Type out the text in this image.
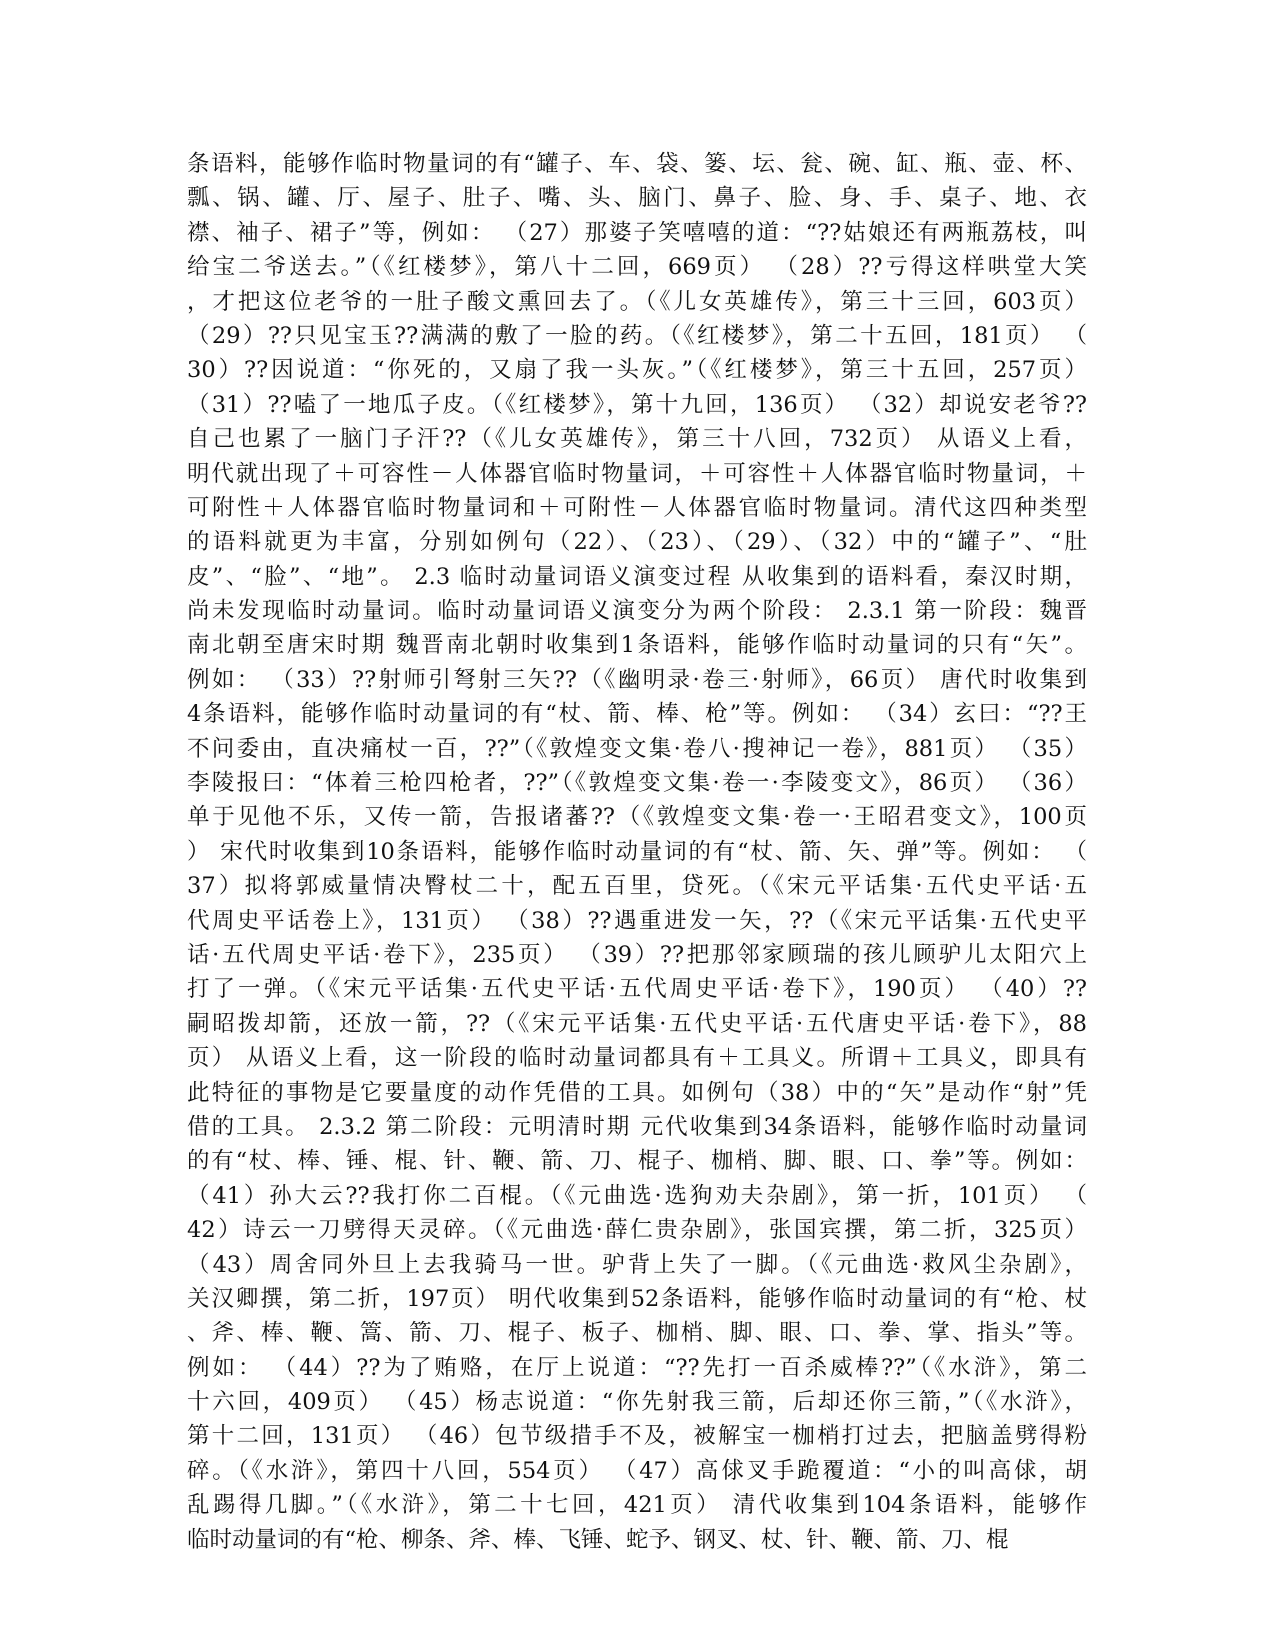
条语料，能够作临时物量词的有“罐子、车、袋、篓、坛、瓮、碗、缸、瓶、壶、杯、
瓢、锅、罐、厅、屋子、肚子、嘴、头、脑门、鼻子、脸、身、手、桌子、地、衣
襟、袖子、裙子”等，例如： （27）那婆子笑嘻嘻的道：“??姑娘还有两瓶荔枝，叫
给宝二爷送去。”（《红楼梦》，第八十二回，669页） （28）??亏得这样哄堂大笑
，才把这位老爷的一肚子酸文熏回去了。（《儿女英雄传》，第三十三回，603页）
（29）??只见宝玉??满满的敷了一脸的药。（《红楼梦》，第二十五回，181页） （
30）??因说道：“你死的，又扇了我一头灰。”（《红楼梦》，第三十五回，257页）
（31）??嗑了一地瓜子皮。（《红楼梦》，第十九回，136页） （32）却说安老爷??
自己也累了一脑门子汗??（《儿女英雄传》，第三十八回，732页） 从语义上看，
明代就出现了＋可容性－人体器官临时物量词，＋可容性＋人体器官临时物量词，＋
可附性＋人体器官临时物量词和＋可附性－人体器官临时物量词。清代这四种类型
的语料就更为丰富，分别如例句（22）、（23）、（29）、（32）中的“罐子”、“肚
皮”、“脸”、“地”。 2.3 临时动量词语义演变过程 从收集到的语料看，秦汉时期，
尚未发现临时动量词。临时动量词语义演变分为两个阶段： 2.3.1 第一阶段：魏晋
南北朝至唐宋时期 魏晋南北朝时收集到1条语料，能够作临时动量词的只有“矢”。
例如： （33）??射师引弩射三矢??（《幽明录·卷三·射师》，66页） 唐代时收集到
4条语料，能够作临时动量词的有“杖、箭、棒、枪”等。例如： （34）玄曰：“??王
不问委由，直决痛杖一百，??”（《敦煌变文集·卷八·搜神记一卷》，881页） （35）
李陵报曰：“体着三枪四枪者，??”（《敦煌变文集·卷一·李陵变文》，86页） （36）
单于见他不乐，又传一箭，告报诸蕃??（《敦煌变文集·卷一·王昭君变文》，100页
） 宋代时收集到10条语料，能够作临时动量词的有“杖、箭、矢、弹”等。例如： （
37）拟将郭威量情决臀杖二十，配五百里，贷死。（《宋元平话集·五代史平话·五
代周史平话卷上》，131页） （38）??遇重进发一矢，??（《宋元平话集·五代史平
话·五代周史平话·卷下》，235页） （39）??把那邻家顾瑞的孩儿顾驴儿太阳穴上
打了一弹。（《宋元平话集·五代史平话·五代周史平话·卷下》，190页） （40）??
嗣昭拨却箭，还放一箭，??（《宋元平话集·五代史平话·五代唐史平话·卷下》，88
页） 从语义上看，这一阶段的临时动量词都具有＋工具义。所谓＋工具义，即具有
此特征的事物是它要量度的动作凭借的工具。如例句（38）中的“矢”是动作“射”凭
借的工具。 2.3.2 第二阶段：元明清时期 元代收集到34条语料，能够作临时动量词
的有“杖、棒、锤、棍、针、鞭、箭、刀、棍子、枷梢、脚、眼、口、拳”等。例如：
（41）孙大云??我打你二百棍。（《元曲选·选狗劝夫杂剧》，第一折，101页） （
42）诗云一刀劈得天灵碎。（《元曲选·薛仁贵杂剧》，张国宾撰，第二折，325页）
（43）周舍同外旦上去我骑马一世。驴背上失了一脚。（《元曲选·救风尘杂剧》，
关汉卿撰，第二折，197页） 明代收集到52条语料，能够作临时动量词的有“枪、杖
、斧、棒、鞭、篙、箭、刀、棍子、板子、枷梢、脚、眼、口、拳、掌、指头”等。
例如： （44）??为了贿赂，在厅上说道：“??先打一百杀威棒??”（《水浒》，第二
十六回，409页） （45）杨志说道：“你先射我三箭，后却还你三箭，”（《水浒》，
第十二回，131页） （46）包节级措手不及，被解宝一枷梢打过去，把脑盖劈得粉
碎。（《水浒》，第四十八回，554页） （47）高俅叉手跪覆道：“小的叫高俅，胡
乱踢得几脚。”（《水浒》，第二十七回，421页） 清代收集到104条语料，能够作
临时动量词的有“枪、柳条、斧、棒、飞锤、蛇予、钢叉、杖、针、鞭、箭、刀、棍
